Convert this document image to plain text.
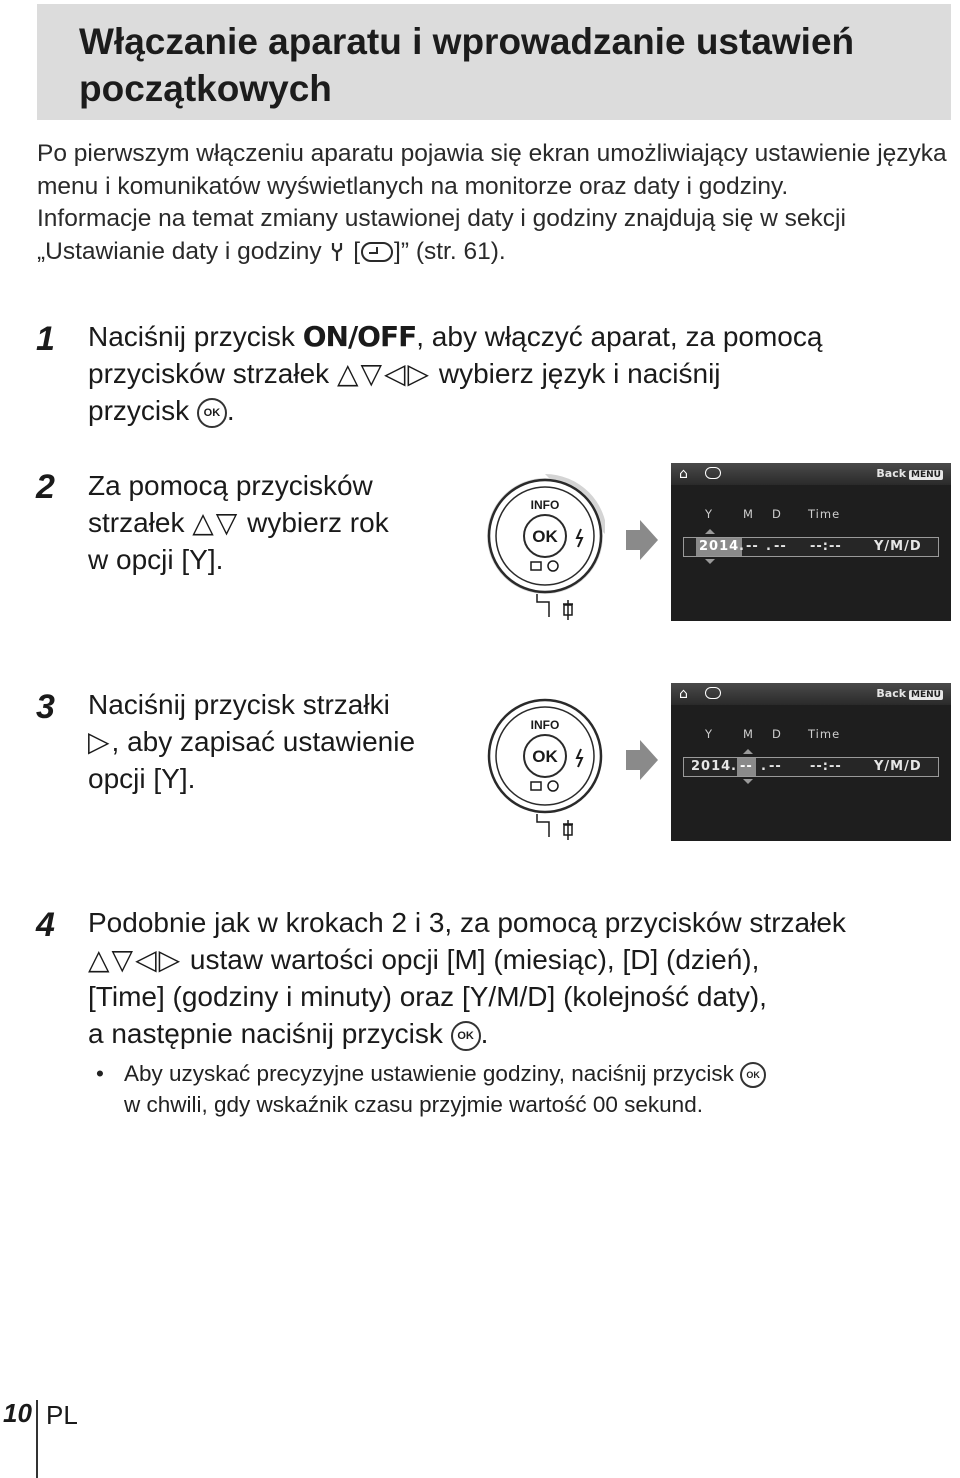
Włączanie aparatu i wprowadzanie ustawień
początkowych

Po pierwszym włączeniu aparatu pojawia się ekran umożliwiający ustawienie języka menu i komunikatów wyświetlanych na monitorze oraz daty i godziny.

Informacje na temat zmiany ustawionej daty i godziny znajdują się w sekcji „Ustawianie daty i godziny [ ]” (str. 61).

1 Naciśnij przycisk ON/OFF, aby włączyć aparat, za pomocą

przycisków strzałek △▽◁▷ wybierz język i naciśnij

przycisk OK .

2 Za pomocą przycisków

strzałek △▽ wybierz rok

w opcji [Y].

OK
INFO
⌂	Back MENU
Y	M D Time
2014 . -- . -- --:-- Y/M/D
3 Naciśnij przycisk strzałki

▷, aby zapisać ustawienie

opcji [Y].

OK
INFO
⌂	Back MENU
Y	M D Time
2014 . -- . -- --:-- Y/M/D
4 Podobnie jak w krokach 2 i 3, za pomocą przycisków strzałek

△▽◁▷ ustaw wartości opcji [M] (miesiąc), [D] (dzień),

[Time] (godziny i minuty) oraz [Y/M/D] (kolejność daty),

a następnie naciśnij przycisk OK .

• Aby uzyskać precyzyjne ustawienie godziny, naciśnij przycisk OK
w chwili, gdy wskaźnik czasu przyjmie wartość 00 sekund.
10 PL
